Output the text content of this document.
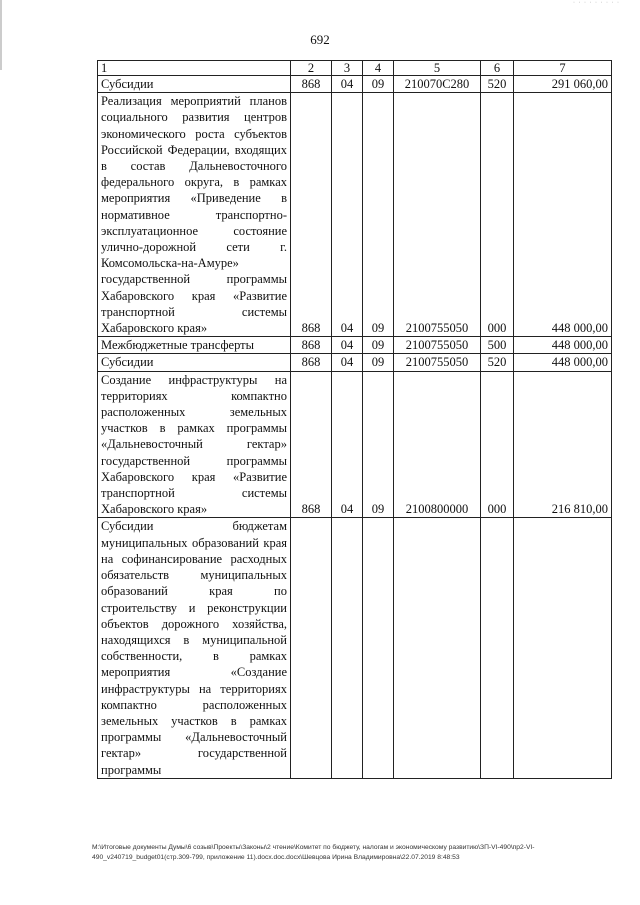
· · · · · · · · ·
692
1	2	3	4	5	6	7
Субсидии	868	04	09	210070С280	520	291 060,00
Реализация мероприятий планов социального развития центров экономического роста субъектов Российской Федерации, входящих в состав Дальневосточного федерального округа, в рамках мероприятия «Приведение в нормативное транспортно-эксплуатационное состояние улично-дорожной сети г. Комсомольска-на-Амуре» государственной программы Хабаровского края «Развитие транспортной системы Хабаровского края»	868	04	09	2100755050	000	448 000,00
Межбюджетные трансферты	868	04	09	2100755050	500	448 000,00
Субсидии	868	04	09	2100755050	520	448 000,00
Создание инфраструктуры на территориях компактно расположенных земельных участков в рамках программы «Дальневосточный гектар» государственной программы Хабаровского края «Развитие транспортной системы Хабаровского края»	868	04	09	2100800000	000	216 810,00
Субсидии бюджетам муниципальных образований края на софинансирование расходных обязательств муниципальных образований края по строительству и реконструкции объектов дорожного хозяйства, находящихся в муниципальной собственности, в рамках мероприятия «Создание инфраструктуры на территориях компактно расположенных земельных участков в рамках программы «Дальневосточный гектар» государственной программы						
M:\Итоговые документы Думы\6 созыв\Проекты\Законы\2 чтение\Комитет по бюджету, налогам и экономическому развитию\ЗП-VI-490\пр2-VI-
490_v240719_budget01(стр.309-799, приложение 11).docx.doc.docx\Шевцова Ирина Владимировна\22.07.2019 8:48:53
